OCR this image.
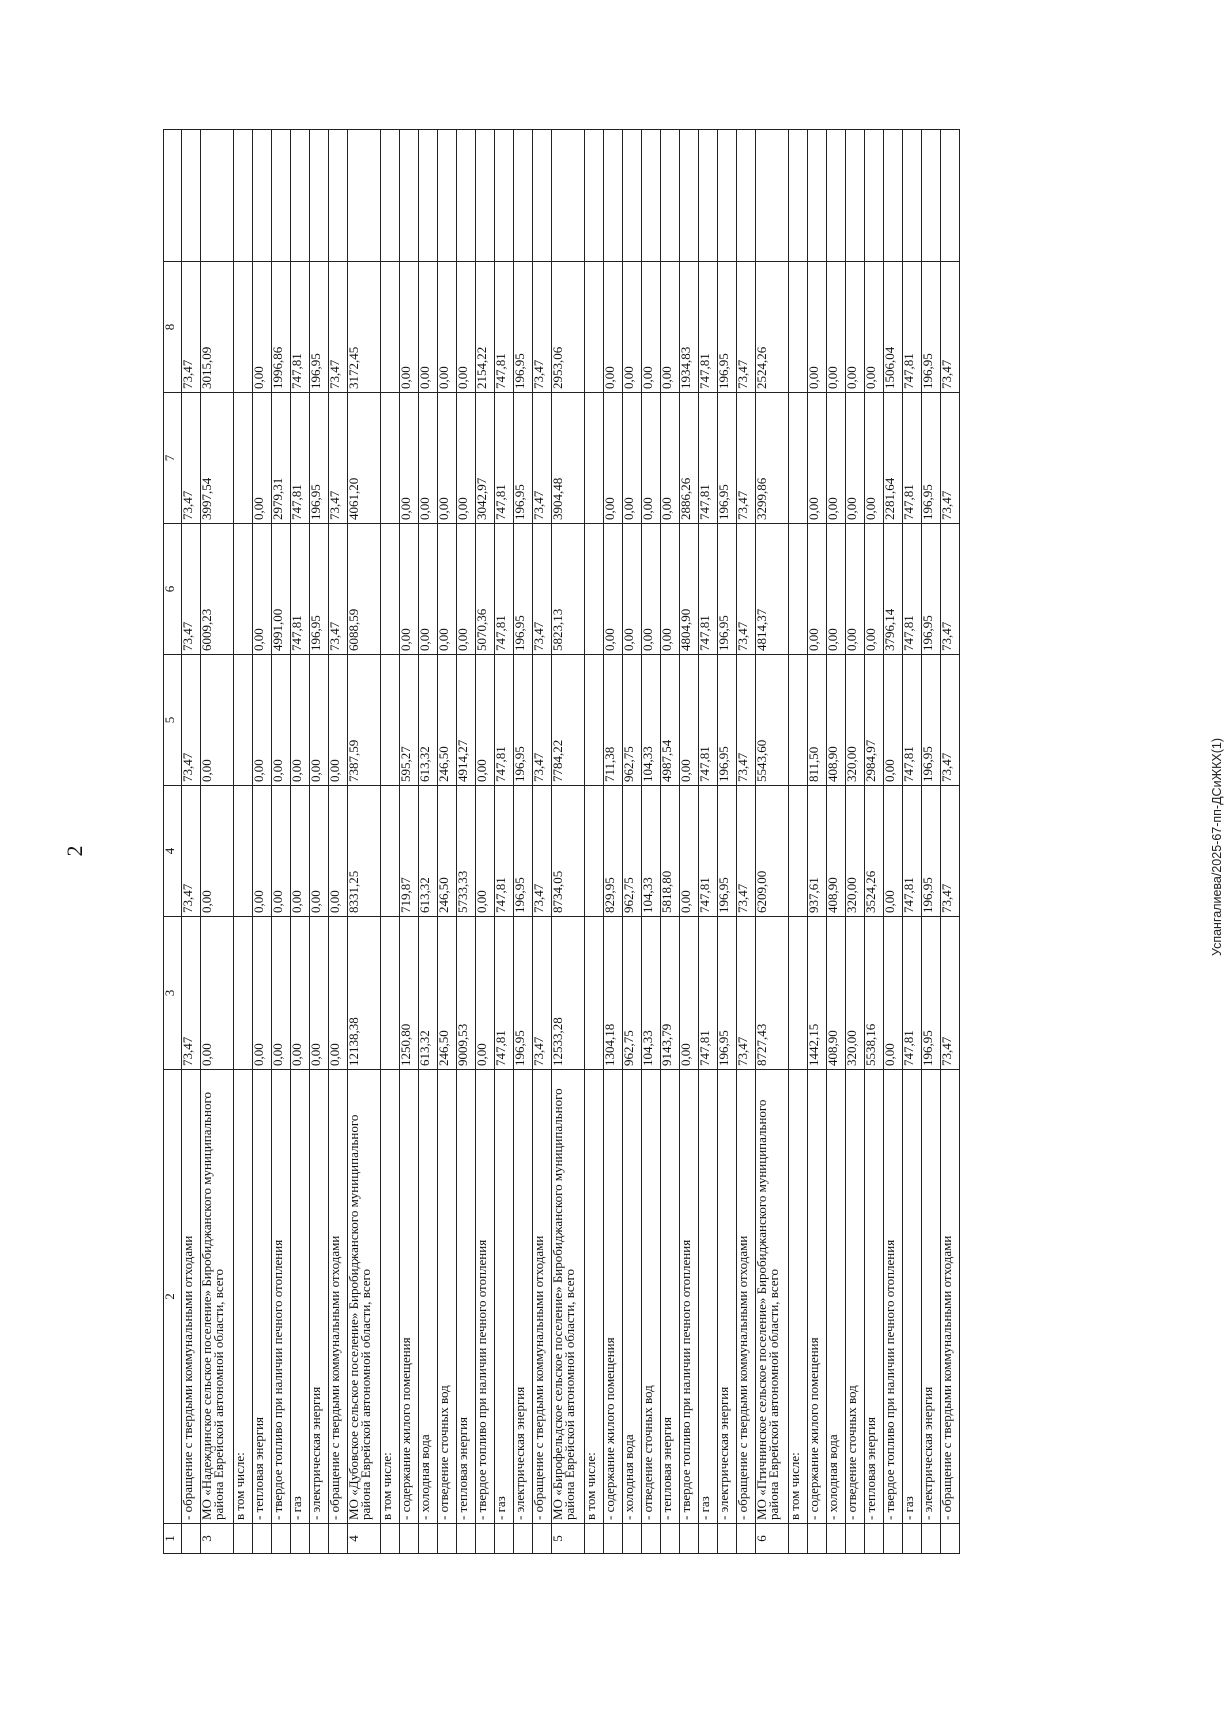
2	Успангалиева/2025-67-пп-ДСиЖКХ(1)
1	2	3	4	5	6	7	8	
	- обращение с твердыми коммунальными отходами	73,47	73,47	73,47	73,47	73,47	73,47	
3	МО «Надеждинское сельское поселение» Биробиджанского муниципального района Еврейской автономной области, всего	0,00	0,00	0,00	6009,23	3997,54	3015,09	
	в том числе:							
	- тепловая энергия	0,00	0,00	0,00	0,00	0,00	0,00	
	- твердое топливо при наличии печного отопления	0,00	0,00	0,00	4991,00	2979,31	1996,86	
	- газ	0,00	0,00	0,00	747,81	747,81	747,81	
	- электрическая энергия	0,00	0,00	0,00	196,95	196,95	196,95	
	- обращение с твердыми коммунальными отходами	0,00	0,00	0,00	73,47	73,47	73,47	
4	МО «Дубовское сельское поселение» Биробиджанского муниципального района Еврейской автономной области, всего	12138,38	8331,25	7387,59	6088,59	4061,20	3172,45	
	в том числе:							
	- содержание жилого помещения	1250,80	719,87	595,27	0,00	0,00	0,00	
	- холодная вода	613,32	613,32	613,32	0,00	0,00	0,00	
	- отведение сточных вод	246,50	246,50	246,50	0,00	0,00	0,00	
	- тепловая энергия	9009,53	5733,33	4914,27	0,00	0,00	0,00	
	- твердое топливо при наличии печного отопления	0,00	0,00	0,00	5070,36	3042,97	2154,22	
	- газ	747,81	747,81	747,81	747,81	747,81	747,81	
	- электрическая энергия	196,95	196,95	196,95	196,95	196,95	196,95	
	- обращение с твердыми коммунальными отходами	73,47	73,47	73,47	73,47	73,47	73,47	
5	МО «Бирофельдское сельское поселение» Биробиджанского муниципального района Еврейской автономной области, всего	12533,28	8734,05	7784,22	5823,13	3904,48	2953,06	
	в том числе:							
	- содержание жилого помещения	1304,18	829,95	711,38	0,00	0,00	0,00	
	- холодная вода	962,75	962,75	962,75	0,00	0,00	0,00	
	- отведение сточных вод	104,33	104,33	104,33	0,00	0,00	0,00	
	- тепловая энергия	9143,79	5818,80	4987,54	0,00	0,00	0,00	
	- твердое топливо при наличии печного отопления	0,00	0,00	0,00	4804,90	2886,26	1934,83	
	- газ	747,81	747,81	747,81	747,81	747,81	747,81	
	- электрическая энергия	196,95	196,95	196,95	196,95	196,95	196,95	
	- обращение с твердыми коммунальными отходами	73,47	73,47	73,47	73,47	73,47	73,47	
6	МО «Птичнинское сельское поселение» Биробиджанского муниципального района Еврейской автономной области, всего	8727,43	6209,00	5543,60	4814,37	3299,86	2524,26	
	в том числе:							
	- содержание жилого помещения	1442,15	937,61	811,50	0,00	0,00	0,00	
	- холодная вода	408,90	408,90	408,90	0,00	0,00	0,00	
	- отведение сточных вод	320,00	320,00	320,00	0,00	0,00	0,00	
	- тепловая энергия	5538,16	3524,26	2984,97	0,00	0,00	0,00	
	- твердое топливо при наличии печного отопления	0,00	0,00	0,00	3796,14	2281,64	1506,04	
	- газ	747,81	747,81	747,81	747,81	747,81	747,81	
	- электрическая энергия	196,95	196,95	196,95	196,95	196,95	196,95	
	- обращение с твердыми коммунальными отходами	73,47	73,47	73,47	73,47	73,47	73,47	
